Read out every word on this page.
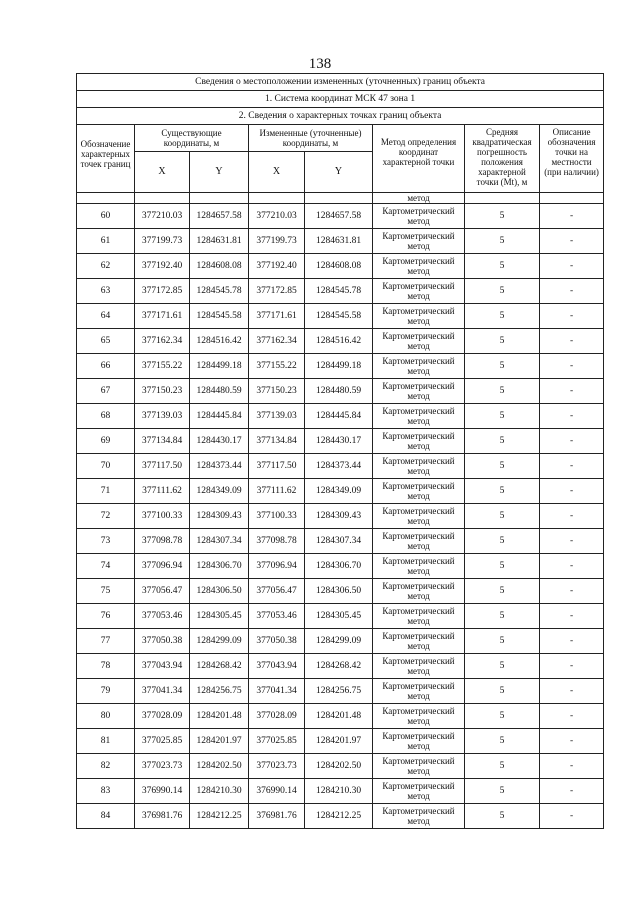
138
Сведения о местоположении измененных (уточненных) границ объекта							
1. Система координат МСК 47 зона 1							
2. Сведения о характерных точках границ объекта							
Обозначение характерных точек границ	Существующие координаты, м		Измененные (уточненные) координаты, м		Метод определения координат характерной точки	Средняя квадратическая погрешность положения характерной точки (Mt), м	Описание обозначения точки на местности (при наличии)
	X	Y	X	Y			
					метод		
60	377210.03	1284657.58	377210.03	1284657.58	Картометрический метод	5	-
61	377199.73	1284631.81	377199.73	1284631.81	Картометрический метод	5	-
62	377192.40	1284608.08	377192.40	1284608.08	Картометрический метод	5	-
63	377172.85	1284545.78	377172.85	1284545.78	Картометрический метод	5	-
64	377171.61	1284545.58	377171.61	1284545.58	Картометрический метод	5	-
65	377162.34	1284516.42	377162.34	1284516.42	Картометрический метод	5	-
66	377155.22	1284499.18	377155.22	1284499.18	Картометрический метод	5	-
67	377150.23	1284480.59	377150.23	1284480.59	Картометрический метод	5	-
68	377139.03	1284445.84	377139.03	1284445.84	Картометрический метод	5	-
69	377134.84	1284430.17	377134.84	1284430.17	Картометрический метод	5	-
70	377117.50	1284373.44	377117.50	1284373.44	Картометрический метод	5	-
71	377111.62	1284349.09	377111.62	1284349.09	Картометрический метод	5	-
72	377100.33	1284309.43	377100.33	1284309.43	Картометрический метод	5	-
73	377098.78	1284307.34	377098.78	1284307.34	Картометрический метод	5	-
74	377096.94	1284306.70	377096.94	1284306.70	Картометрический метод	5	-
75	377056.47	1284306.50	377056.47	1284306.50	Картометрический метод	5	-
76	377053.46	1284305.45	377053.46	1284305.45	Картометрический метод	5	-
77	377050.38	1284299.09	377050.38	1284299.09	Картометрический метод	5	-
78	377043.94	1284268.42	377043.94	1284268.42	Картометрический метод	5	-
79	377041.34	1284256.75	377041.34	1284256.75	Картометрический метод	5	-
80	377028.09	1284201.48	377028.09	1284201.48	Картометрический метод	5	-
81	377025.85	1284201.97	377025.85	1284201.97	Картометрический метод	5	-
82	377023.73	1284202.50	377023.73	1284202.50	Картометрический метод	5	-
83	376990.14	1284210.30	376990.14	1284210.30	Картометрический метод	5	-
84	376981.76	1284212.25	376981.76	1284212.25	Картометрический метод	5	-
